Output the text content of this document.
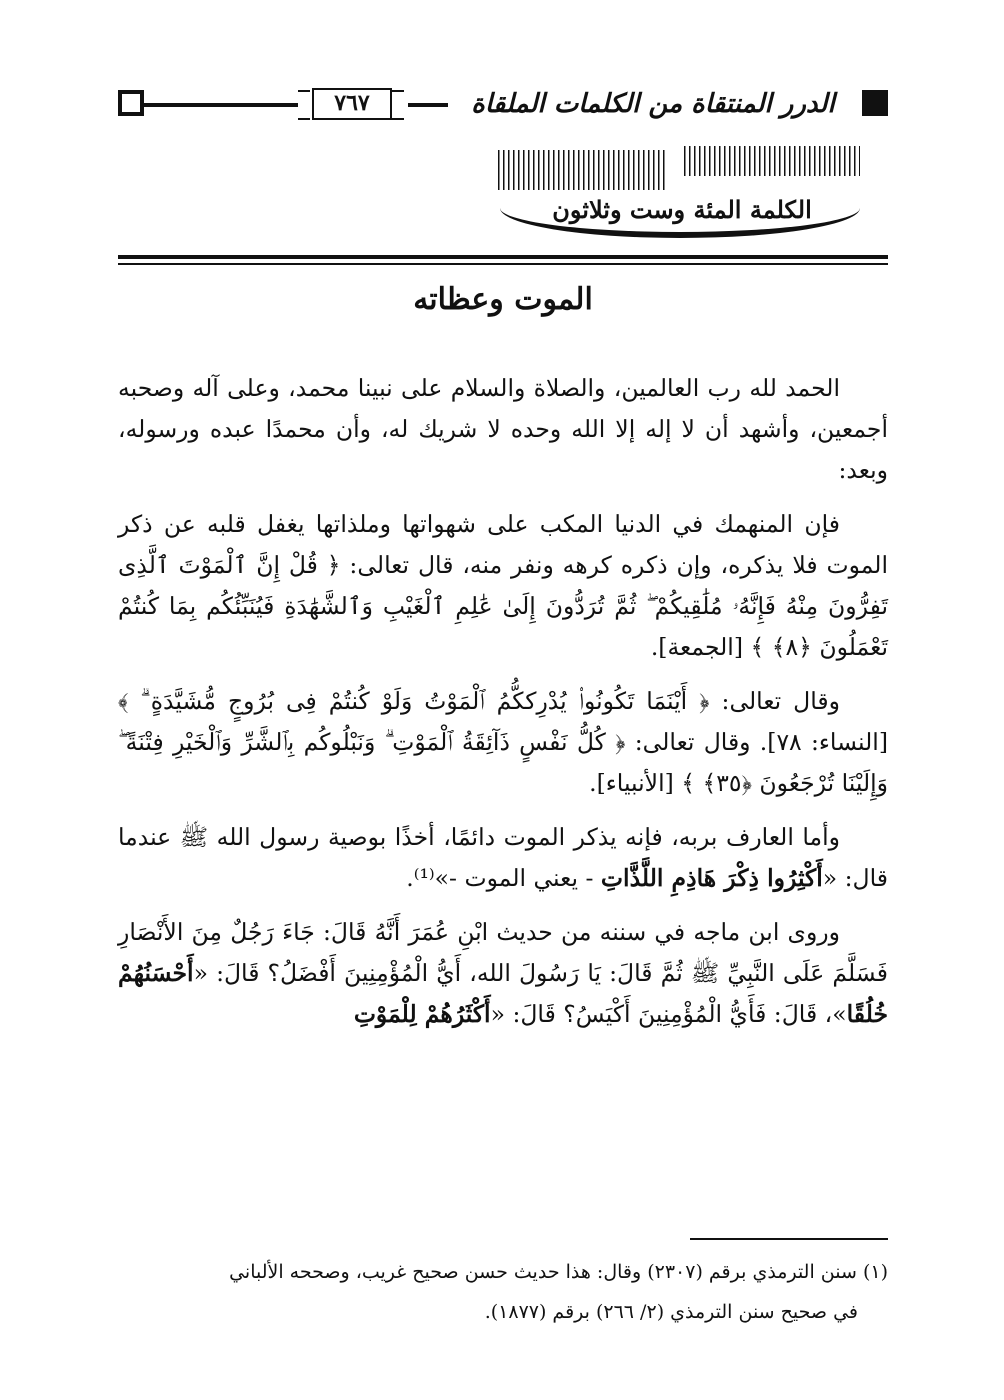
٧٦٧	الدرر المنتقاة من الكلمات الملقاة
الكلمة المئة وست وثلاثون
الموت وعظاته

الحمد لله رب العالمين، والصلاة والسلام على نبينا محمد، وعلى آله وصحبه أجمعين، وأشهد أن لا إله إلا الله وحده لا شريك له، وأن محمدًا عبده ورسوله، وبعد:

فإن المنهمك في الدنيا المكب على شهواتها وملذاتها يغفل قلبه عن ذكر الموت فلا يذكره، وإن ذكره كرهه ونفر منه، قال تعالى: ﴿ قُلْ إِنَّ ٱلْمَوْتَ ٱلَّذِى تَفِرُّونَ مِنْهُ فَإِنَّهُۥ مُلَٰقِيكُمْ ۖ ثُمَّ تُرَدُّونَ إِلَىٰ عَٰلِمِ ٱلْغَيْبِ وَٱلشَّهَٰدَةِ فَيُنَبِّئُكُم بِمَا كُنتُمْ تَعْمَلُونَ ﴿٨﴾ ﴾ [الجمعة].

وقال تعالى: ﴿ أَيْنَمَا تَكُونُوا۟ يُدْرِككُّمُ ٱلْمَوْتُ وَلَوْ كُنتُمْ فِى بُرُوجٍ مُّشَيَّدَةٍ ۗ ﴾ [النساء: ٧٨]. وقال تعالى: ﴿ كُلُّ نَفْسٍ ذَآئِقَةُ ٱلْمَوْتِ ۗ وَنَبْلُوكُم بِٱلشَّرِّ وَٱلْخَيْرِ فِتْنَةً ۖ وَإِلَيْنَا تُرْجَعُونَ ﴿٣٥﴾ ﴾ [الأنبياء].

وأما العارف بربه، فإنه يذكر الموت دائمًا، أخذًا بوصية رسول الله ﷺ عندما قال: «أَكْثِرُوا ذِكْرَ هَاذِمِ اللَّذَّاتِ - يعني الموت -»⁽¹⁾.

وروى ابن ماجه في سننه من حديث ابْنِ عُمَرَ أَنَّهُ قَالَ: جَاءَ رَجُلٌ مِنَ الأَنْصَارِ فَسَلَّمَ عَلَى النَّبِيِّ ﷺ ثُمَّ قَالَ: يَا رَسُولَ الله، أَيُّ الْمُؤْمِنِينَ أَفْضَلُ؟ قَالَ: «أَحْسَنُهُمْ خُلُقًا»، قَالَ: فَأَيُّ الْمُؤْمِنِينَ أَكْيَسُ؟ قَالَ: «أَكْثَرُهُمْ لِلْمَوْتِ

(١) سنن الترمذي برقم (٢٣٠٧) وقال: هذا حديث حسن صحيح غريب، وصححه الألباني
في صحيح سنن الترمذي (٢/ ٢٦٦) برقم (١٨٧٧).
